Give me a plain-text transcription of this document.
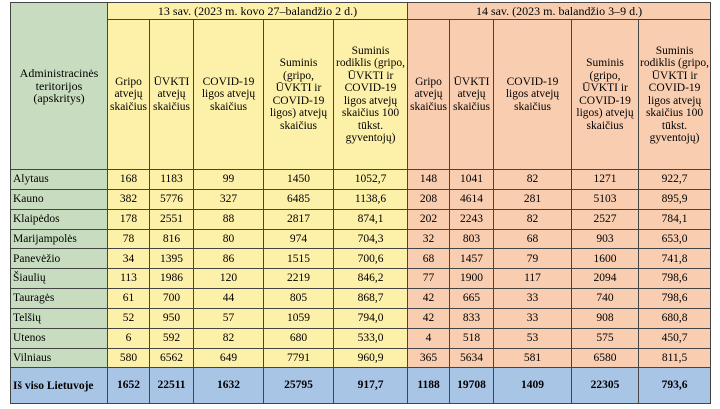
Administracinės teritorijos (apskritys)	13 sav. (2023 m. kovo 27–balandžio 2 d.)					14 sav. (2023 m. balandžio 3–9 d.)				
	Gripo atvejų skaičius	ŪVKTI atvejų skaičius	COVID-19 ligos atvejų skaičius	Suminis (gripo, ŪVKTI ir COVID-19 ligos) atvejų skaičius	Suminis rodiklis (gripo, ŪVKTI ir COVID-19 ligos atvejų skaičius 100 tūkst. gyventojų)	Gripo atvejų skaičius	ŪVKTI atvejų skaičius	COVID-19 ligos atvejų skaičius	Suminis (gripo, ŪVKTI ir COVID-19 ligos) atvejų skaičius	Suminis rodiklis (gripo, ŪVKTI ir COVID-19 ligos atvejų skaičius 100 tūkst. gyventojų)
Alytaus	168	1183	99	1450	1052,7	148	1041	82	1271	922,7
Kauno	382	5776	327	6485	1138,6	208	4614	281	5103	895,9
Klaipėdos	178	2551	88	2817	874,1	202	2243	82	2527	784,1
Marijampolės	78	816	80	974	704,3	32	803	68	903	653,0
Panevėžio	34	1395	86	1515	700,6	68	1457	79	1600	741,8
Šiaulių	113	1986	120	2219	846,2	77	1900	117	2094	798,6
Tauragės	61	700	44	805	868,7	42	665	33	740	798,6
Telšių	52	950	57	1059	794,0	42	833	33	908	680,8
Utenos	6	592	82	680	533,0	4	518	53	575	450,7
Vilniaus	580	6562	649	7791	960,9	365	5634	581	6580	811,5
Iš viso Lietuvoje	1652	22511	1632	25795	917,7	1188	19708	1409	22305	793,6
